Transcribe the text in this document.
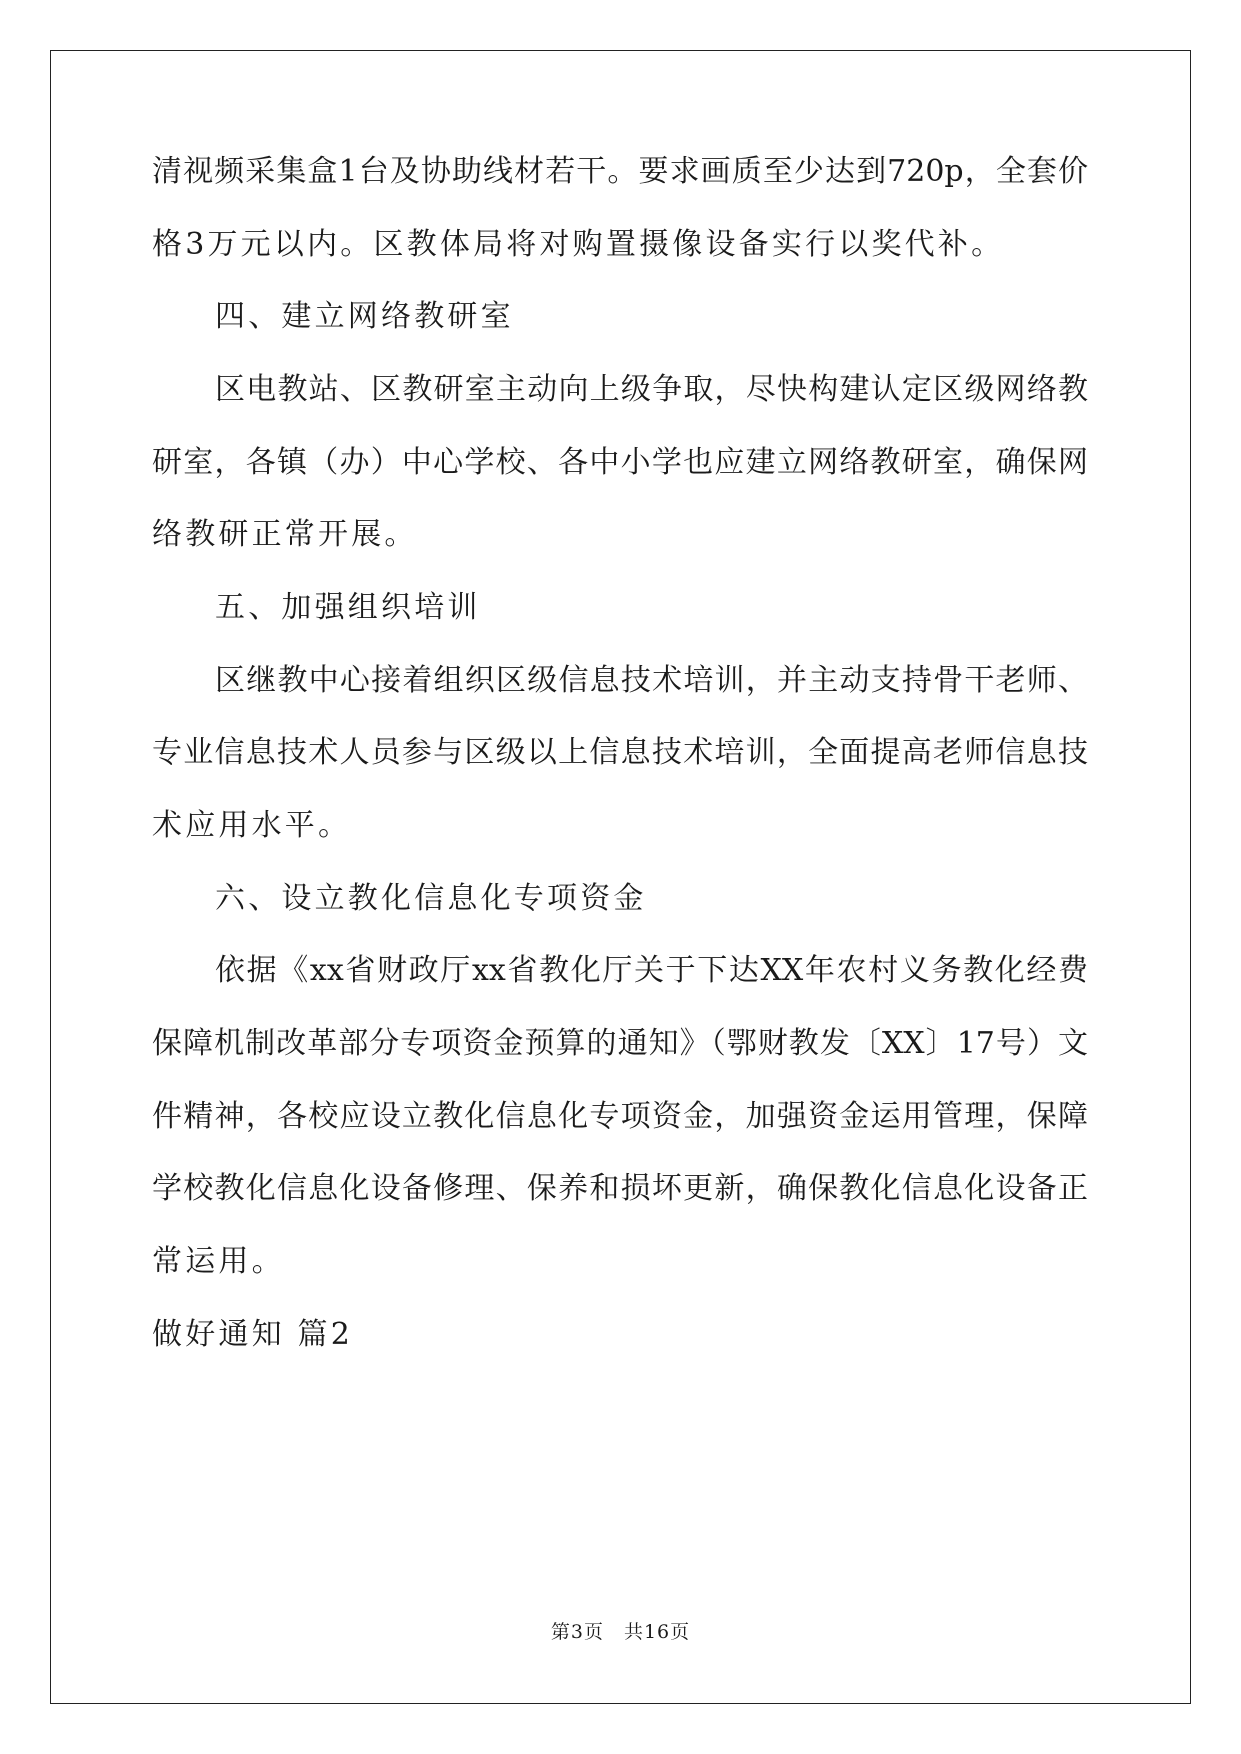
清视频采集盒1台及协助线材若干。要求画质至少达到720p，全套价
格3万元以内。区教体局将对购置摄像设备实行以奖代补。
四、建立网络教研室
区电教站、区教研室主动向上级争取，尽快构建认定区级网络教
研室，各镇（办）中心学校、各中小学也应建立网络教研室，确保网
络教研正常开展。
五、加强组织培训
区继教中心接着组织区级信息技术培训，并主动支持骨干老师、
专业信息技术人员参与区级以上信息技术培训，全面提高老师信息技
术应用水平。
六、设立教化信息化专项资金
依据《xx省财政厅xx省教化厅关于下达XX年农村义务教化经费
保障机制改革部分专项资金预算的通知》（鄂财教发〔XX〕17号）文
件精神，各校应设立教化信息化专项资金，加强资金运用管理，保障
学校教化信息化设备修理、保养和损坏更新，确保教化信息化设备正
常运用。
做好通知 篇2
第3页　共16页
